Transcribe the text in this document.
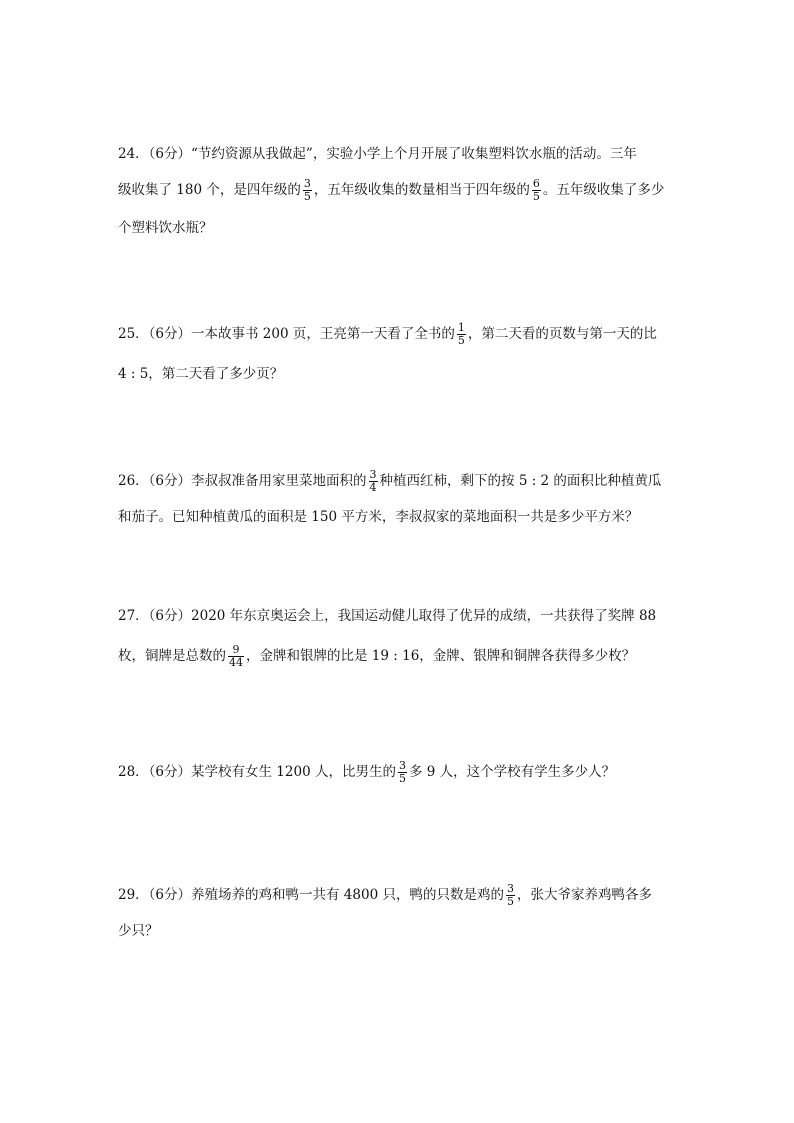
24．（6分）“节约资源从我做起”，实验小学上个月开展了收集塑料饮水瓶的活动。三年
级收集了 180 个，是四年级的 $\frac{3}{5}$ ，五年级收集的数量相当于四年级的 $\frac{6}{5}$ 。五年级收集了多少
个塑料饮水瓶？
25．（6分）一本故事书 200 页，王亮第一天看了全书的 $\frac{1}{5}$ ，第二天看的页数与第一天的比
4 : 5，第二天看了多少页？
26．（6分）李叔叔准备用家里菜地面积的 $\frac{3}{4}$ 种植西红柿，剩下的按 5 : 2 的面积比种植黄瓜
和茄子。已知种植黄瓜的面积是 150 平方米，李叔叔家的菜地面积一共是多少平方米？
27．（6分）2020 年东京奥运会上，我国运动健儿取得了优异的成绩，一共获得了奖牌 88
枚，铜牌是总数的 $\frac{9}{44}$ ，金牌和银牌的比是 19 : 16，金牌、银牌和铜牌各获得多少枚？
28．（6分）某学校有女生 1200 人，比男生的 $\frac{3}{5}$ 多 9 人，这个学校有学生多少人？
29．（6分）养殖场养的鸡和鸭一共有 4800 只，鸭的只数是鸡的 $\frac{3}{5}$ ，张大爷家养鸡鸭各多
少只？
